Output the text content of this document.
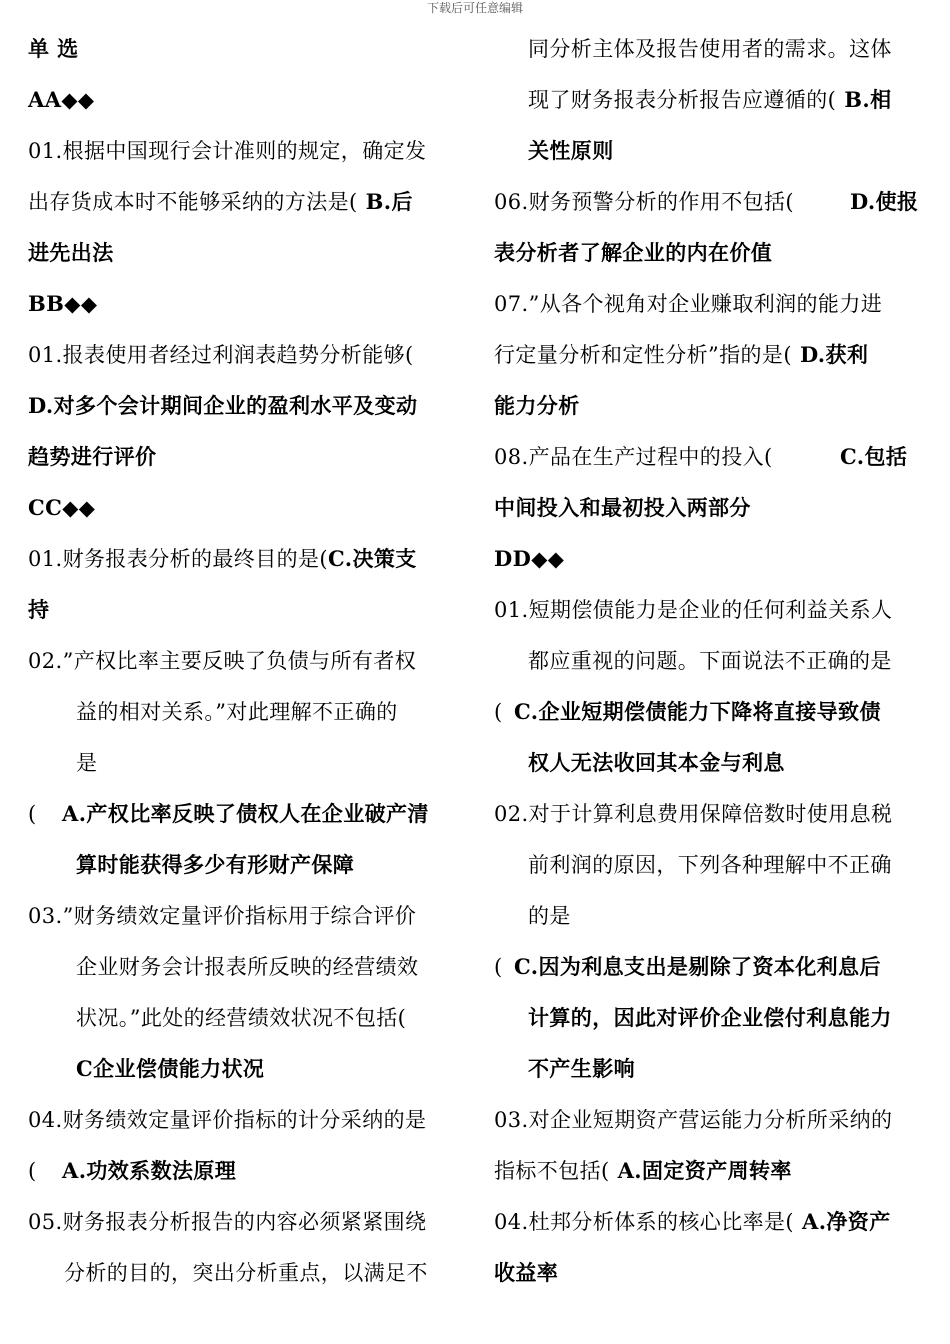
下载后可任意编辑
单 选
AA◆◆
01.根据中国现行会计准则的规定，确定发
出存货成本时不能够采纳的方法是( B.后
进先出法
BB◆◆
01.报表使用者经过利润表趋势分析能够(
D.对多个会计期间企业的盈利水平及变动
趋势进行评价
CC◆◆
01.财务报表分析的最终目的是(C.决策支
持
02.”产权比率主要反映了负债与所有者权
益的相对关系。”对此理解不正确的
是
( A.产权比率反映了债权人在企业破产清
算时能获得多少有形财产保障
03.”财务绩效定量评价指标用于综合评价
企业财务会计报表所反映的经营绩效
状况。”此处的经营绩效状况不包括(
C企业偿债能力状况
04.财务绩效定量评价指标的计分采纳的是
( A.功效系数法原理
05.财务报表分析报告的内容必须紧紧围绕
分析的目的，突出分析重点，以满足不
同分析主体及报告使用者的需求。这体
现了财务报表分析报告应遵循的( B.相
关性原则
06.财务预警分析的作用不包括(	D.使报
表分析者了解企业的内在价值
07.”从各个视角对企业赚取利润的能力进
行定量分析和定性分析”指的是( D.获利
能力分析
08.产品在生产过程中的投入(	C.包括
中间投入和最初投入两部分
DD◆◆
01.短期偿债能力是企业的任何利益关系人
都应重视的问题。下面说法不正确的是
( C.企业短期偿债能力下降将直接导致债
权人无法收回其本金与利息
02.对于计算利息费用保障倍数时使用息税
前利润的原因，下列各种理解中不正确
的是
( C.因为利息支出是剔除了资本化利息后
计算的，因此对评价企业偿付利息能力
不产生影响
03.对企业短期资产营运能力分析所采纳的
指标不包括( A.固定资产周转率
04.杜邦分析体系的核心比率是( A.净资产
收益率
